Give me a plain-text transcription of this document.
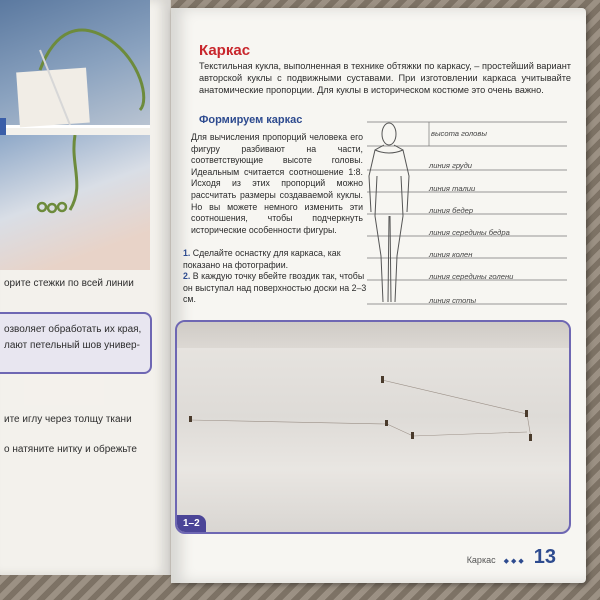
орите стежки по всей линии
озволяет обработать их края,
лают петельный шов универ-
ите иглу через толщу ткани
о натяните нитку и обрежьте
Каркас
Текстильная кукла, выполненная в технике обтяжки по каркасу, – простейший вариант авторской куклы с подвижными суставами. При изготовлении каркаса учитывайте анатомические пропорции. Для куклы в историческом костюме это очень важно.
Формируем каркас
Для вычисления пропорций человека его фигуру разбивают на части, соответствующие высоте головы. Идеальным считается соотношение 1:8. Исходя из этих пропорций можно рассчитать размеры создаваемой куклы. Но вы можете немного изменить эти соотношения, чтобы подчеркнуть исторические особенности фигуры.
1. Сделайте оснастку для каркаса, как показано на фотографии.
2. В каждую точку вбейте гвоздик так, чтобы он выступал над поверхностью доски на 2–3 см.
высота головы
линия груди
линия талии
линия бедер
линия середины бедра
линия колен
линия середины голени
линия стопы
1–2
Каркас ◆◆◆ 13
